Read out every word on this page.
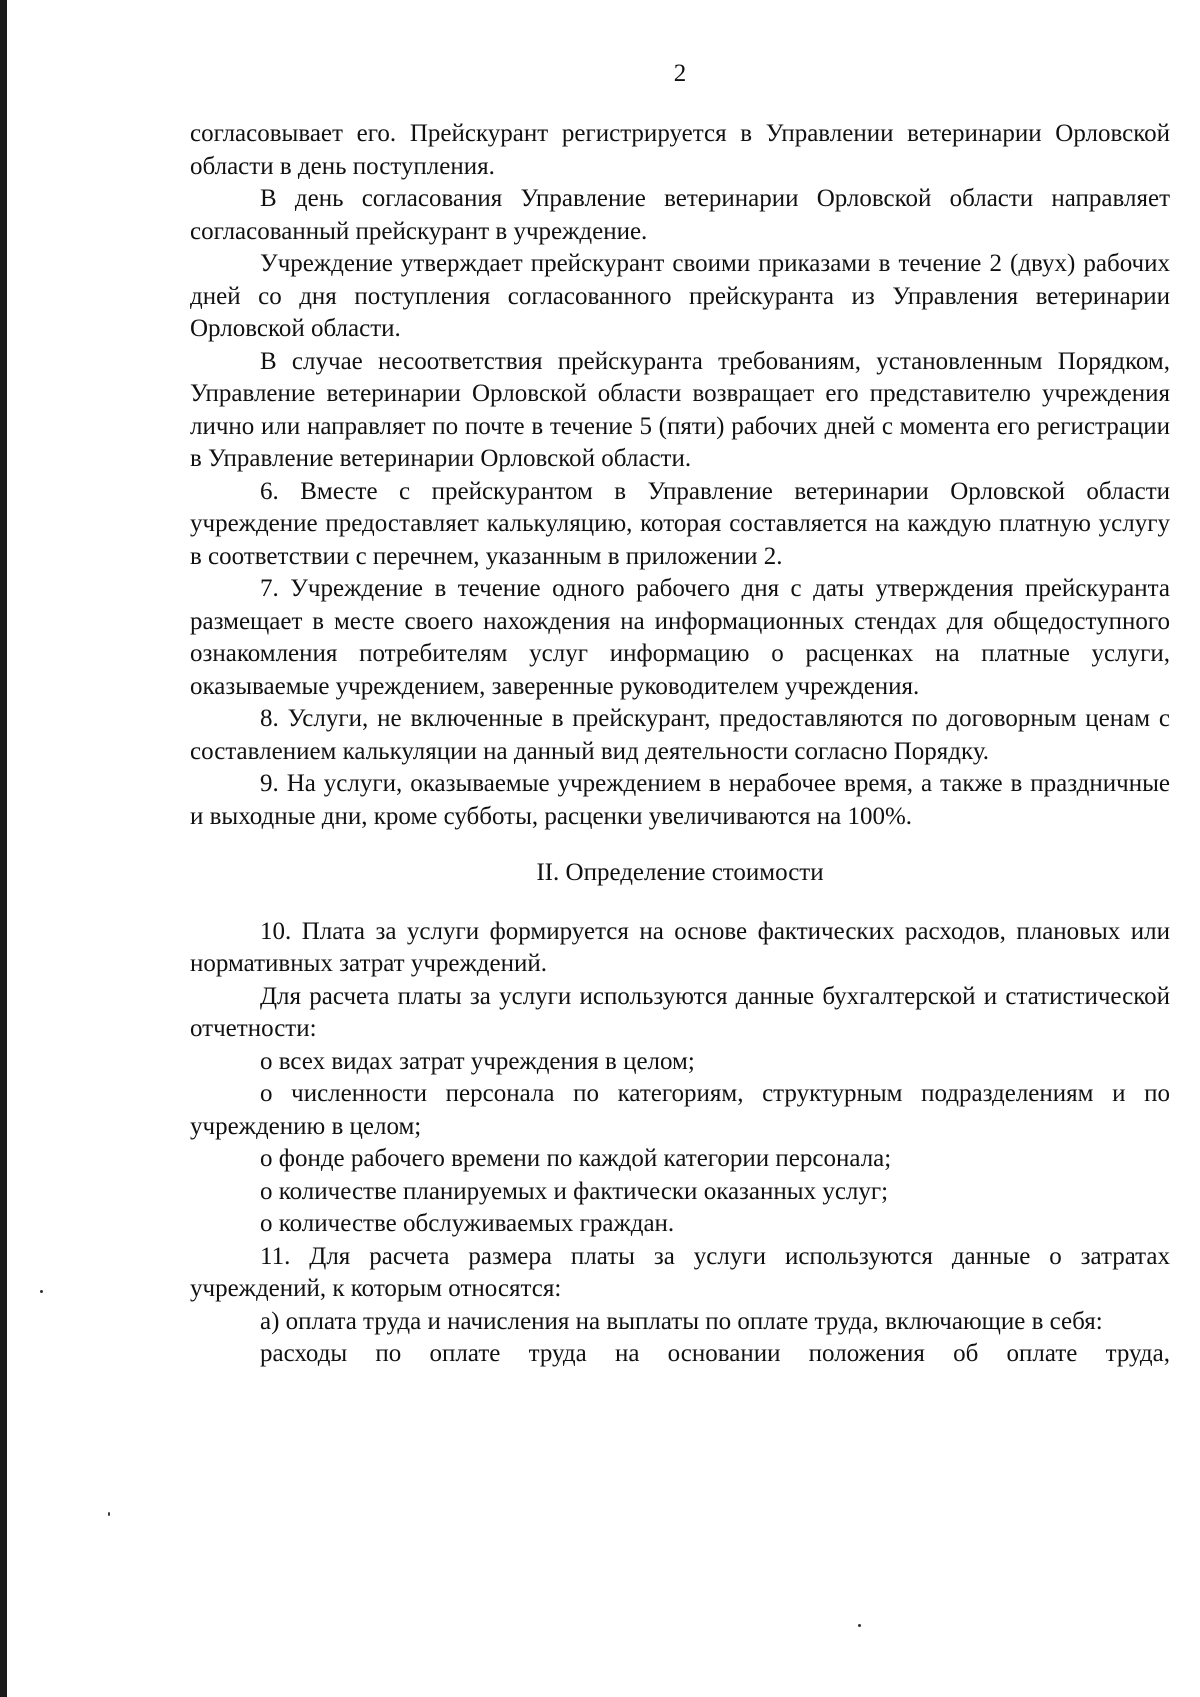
2

согласовывает его. Прейскурант регистрируется в Управлении ветеринарии Орловской области в день поступления.

В день согласования Управление ветеринарии Орловской области направляет согласованный прейскурант в учреждение.

Учреждение утверждает прейскурант своими приказами в течение 2 (двух) рабочих дней со дня поступления согласованного прейскуранта из Управления ветеринарии Орловской области.

В случае несоответствия прейскуранта требованиям, установленным Порядком, Управление ветеринарии Орловской области возвращает его представителю учреждения лично или направляет по почте в течение 5 (пяти) рабочих дней с момента его регистрации в Управление ветеринарии Орловской области.

6. Вместе с прейскурантом в Управление ветеринарии Орловской области учреждение предоставляет калькуляцию, которая составляется на каждую платную услугу в соответствии с перечнем, указанным в приложении 2.

7. Учреждение в течение одного рабочего дня с даты утверждения прейскуранта размещает в месте своего нахождения на информационных стендах для общедоступного ознакомления потребителям услуг информацию о расценках на платные услуги, оказываемые учреждением, заверенные руководителем учреждения.

8. Услуги, не включенные в прейскурант, предоставляются по договорным ценам с составлением калькуляции на данный вид деятельности согласно Порядку.

9. На услуги, оказываемые учреждением в нерабочее время, а также в праздничные и выходные дни, кроме субботы, расценки увеличиваются на 100%.

II. Определение стоимости

10. Плата за услуги формируется на основе фактических расходов, плановых или нормативных затрат учреждений.

Для расчета платы за услуги используются данные бухгалтерской и статистической отчетности:

о всех видах затрат учреждения в целом;

о численности персонала по категориям, структурным подразделениям и по учреждению в целом;

о фонде рабочего времени по каждой категории персонала;

о количестве планируемых и фактически оказанных услуг;

о количестве обслуживаемых граждан.

11. Для расчета размера платы за услуги используются данные о затратах учреждений, к которым относятся:

а) оплата труда и начисления на выплаты по оплате труда, включающие в себя:

расходы по оплате труда на основании положения об оплате труда,
